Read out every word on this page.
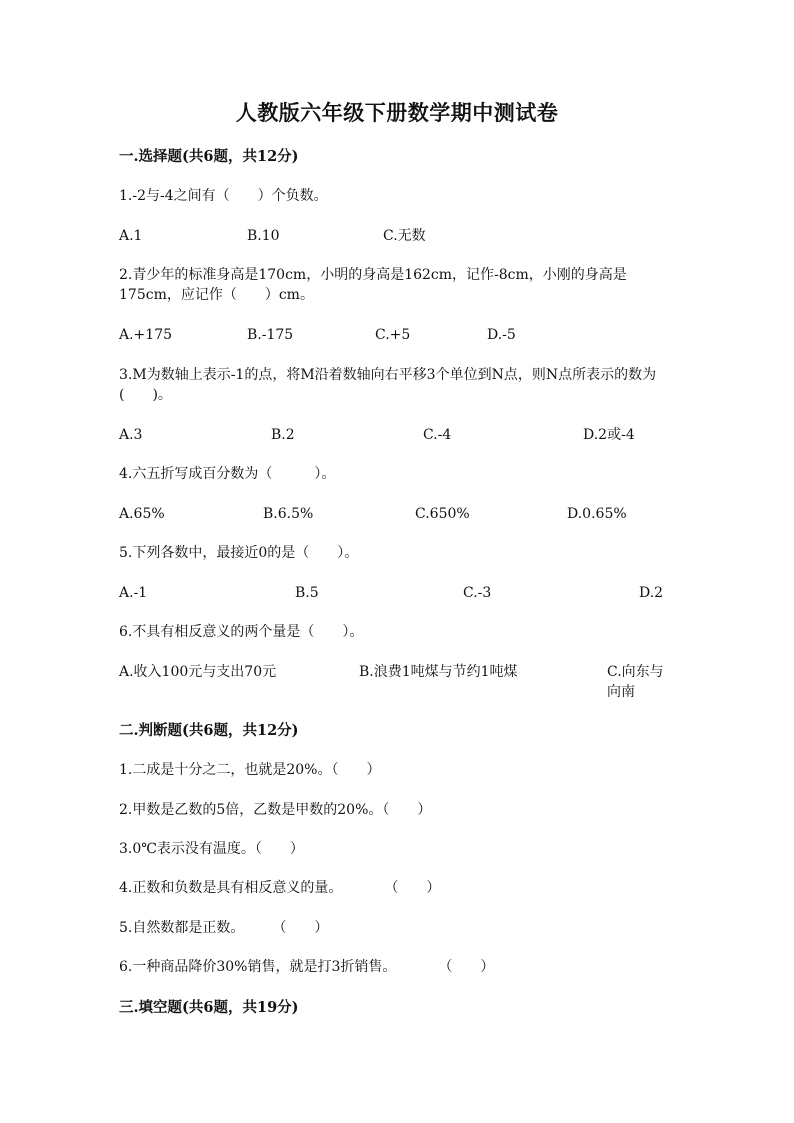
人教版六年级下册数学期中测试卷
一.选择题(共6题，共12分)
1.-2与-4之间有（　　）个负数。
A.1	B.10	C.无数
2.青少年的标准身高是170cm，小明的身高是162cm，记作-8cm，小刚的身高是175cm，应记作（　　）cm。
A.+175	B.-175	C.+5	D.-5
3.M为数轴上表示-1的点，将M沿着数轴向右平移3个单位到N点，则N点所表示的数为(　　)。
A.3	B.2	C.-4	D.2或-4
4.六五折写成百分数为（　　　）。
A.65%	B.6.5%	C.650%	D.0.65%
5.下列各数中，最接近0的是（　　）。
A.-1	B.5	C.-3	D.2
6.不具有相反意义的两个量是（　　）。
A.收入100元与支出70元	B.浪费1吨煤与节约1吨煤	C.向东与向南
二.判断题(共6题，共12分)
1.二成是十分之二，也就是20%。（　　）
2.甲数是乙数的5倍，乙数是甲数的20%。（　　）
3.0℃表示没有温度。（　　）
4.正数和负数是具有相反意义的量。　　　　（　　）
5.自然数都是正数。　　　（　　）
6.一种商品降价30%销售，就是打3折销售。　　　　（　　）
三.填空题(共6题，共19分)
